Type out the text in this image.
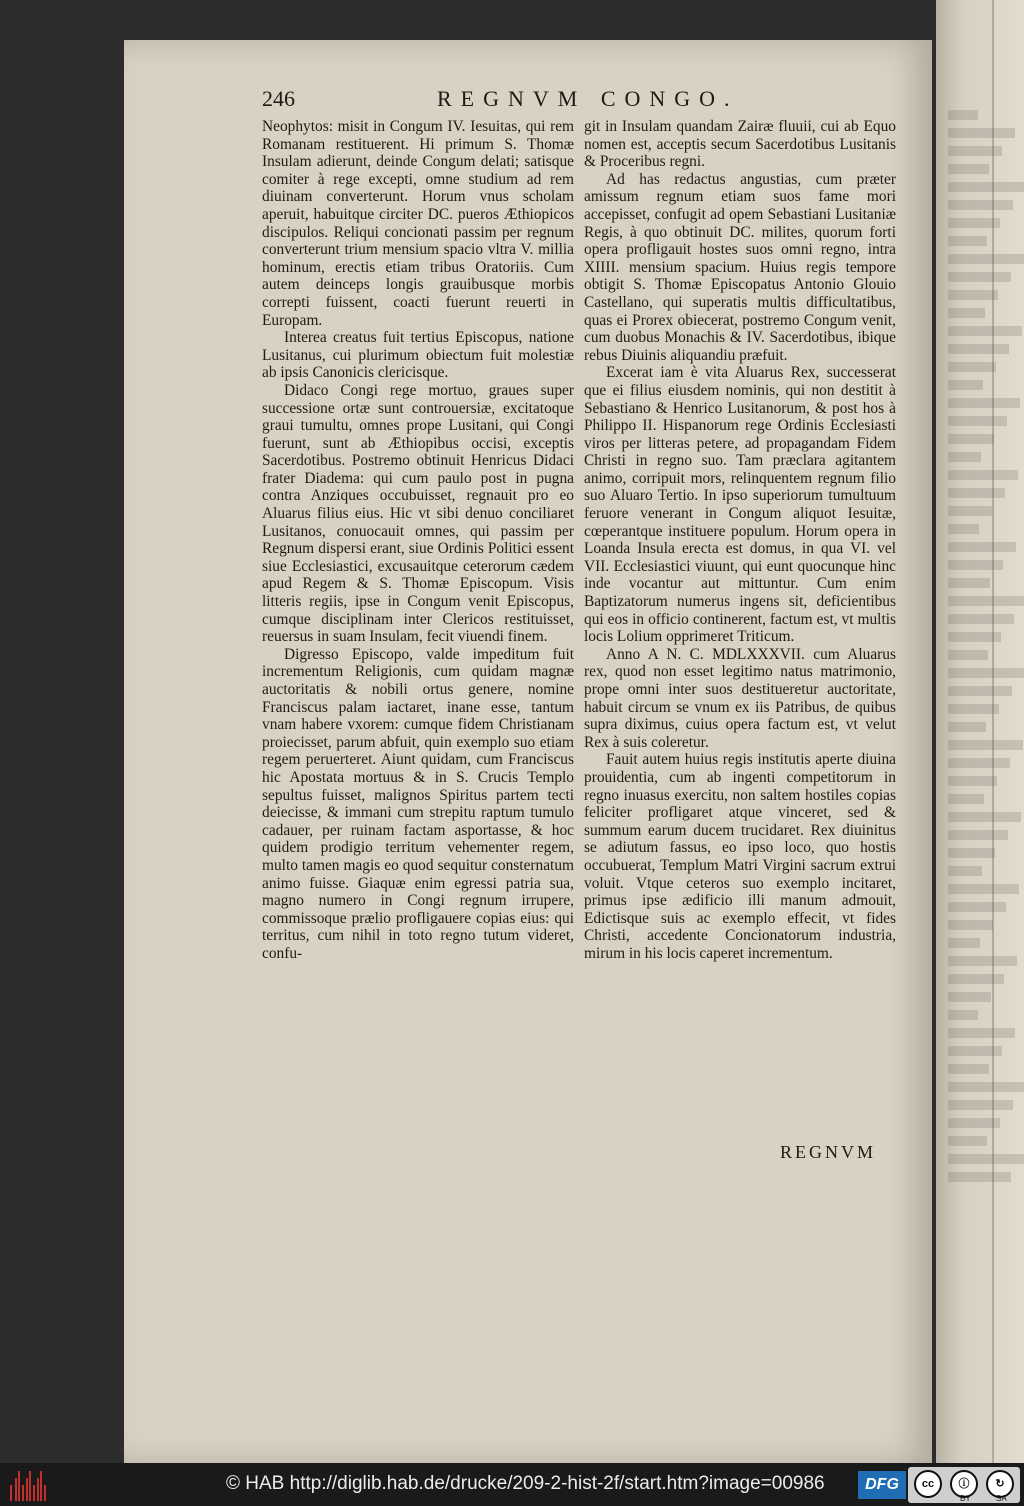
246	REGNVM CONGO.

Neophytos: misit in Congum IV. Iesuitas, qui rem Romanam restituerent. Hi primum S. Thomæ Insulam adierunt, deinde Congum delati; satisque comiter à rege excepti, omne studium ad rem diuinam converterunt. Horum vnus scholam aperuit, habuitque circiter DC. pueros Æthiopicos discipulos. Reliqui concionati passim per regnum converterunt trium mensium spacio vltra V. millia hominum, erectis etiam tribus Oratoriis. Cum autem deinceps longis grauibusque morbis correpti fuissent, coacti fuerunt reuerti in Europam.

Interea creatus fuit tertius Episcopus, natione Lusitanus, cui plurimum obiectum fuit molestiæ ab ipsis Canonicis clericisque.

Didaco Congi rege mortuo, graues super successione ortæ sunt controuersiæ, excitatoque graui tumultu, omnes prope Lusitani, qui Congi fuerunt, sunt ab Æthiopibus occisi, exceptis Sacerdotibus. Postremo obtinuit Henricus Didaci frater Diadema: qui cum paulo post in pugna contra Anziques occubuisset, regnauit pro eo Aluarus filius eius. Hic vt sibi denuo conciliaret Lusitanos, conuocauit omnes, qui passim per Regnum dispersi erant, siue Ordinis Politici essent siue Ecclesiastici, excusauitque ceterorum cædem apud Regem & S. Thomæ Episcopum. Visis litteris regiis, ipse in Congum venit Episcopus, cumque disciplinam inter Clericos restituisset, reuersus in suam Insulam, fecit viuendi finem.

Digresso Episcopo, valde impeditum fuit incrementum Religionis, cum quidam magnæ auctoritatis & nobili ortus genere, nomine Franciscus palam iactaret, inane esse, tantum vnam habere vxorem: cumque fidem Christianam proiecisset, parum abfuit, quin exemplo suo etiam regem peruerteret. Aiunt quidam, cum Franciscus hic Apostata mortuus & in S. Crucis Templo sepultus fuisset, malignos Spiritus partem tecti deiecisse, & immani cum strepitu raptum tumulo cadauer, per ruinam factam asportasse, & hoc quidem prodigio territum vehementer regem, multo tamen magis eo quod sequitur consternatum animo fuisse. Giaquæ enim egressi patria sua, magno numero in Congi regnum irrupere, commissoque prælio profligauere copias eius: qui territus, cum nihil in toto regno tutum videret, confu-

git in Insulam quandam Zairæ fluuii, cui ab Equo nomen est, acceptis secum Sacerdotibus Lusitanis & Proceribus regni.

Ad has redactus angustias, cum præter amissum regnum etiam suos fame mori accepisset, confugit ad opem Sebastiani Lusitaniæ Regis, à quo obtinuit DC. milites, quorum forti opera profligauit hostes suos omni regno, intra XIIII. mensium spacium. Huius regis tempore obtigit S. Thomæ Episcopatus Antonio Glouio Castellano, qui superatis multis difficultatibus, quas ei Prorex obiecerat, postremo Congum venit, cum duobus Monachis & IV. Sacerdotibus, ibique rebus Diuinis aliquandiu præfuit.

Excerat iam è vita Aluarus Rex, successerat que ei filius eiusdem nominis, qui non destitit à Sebastiano & Henrico Lusitanorum, & post hos à Philippo II. Hispanorum rege Ordinis Ecclesiasti viros per litteras petere, ad propagandam Fidem Christi in regno suo. Tam præclara agitantem animo, corripuit mors, relinquentem regnum filio suo Aluaro Tertio. In ipso superiorum tumultuum feruore venerant in Congum aliquot Iesuitæ, cœperantque instituere populum. Horum opera in Loanda Insula erecta est domus, in qua VI. vel VII. Ecclesiastici viuunt, qui eunt quocunque hinc inde vocantur aut mittuntur. Cum enim Baptizatorum numerus ingens sit, deficientibus qui eos in officio continerent, factum est, vt multis locis Lolium opprimeret Triticum.

Anno A N. C. MDLXXXVII. cum Aluarus rex, quod non esset legitimo natus matrimonio, prope omni inter suos destitueretur auctoritate, habuit circum se vnum ex iis Patribus, de quibus supra diximus, cuius opera factum est, vt velut Rex à suis coleretur.

Fauit autem huius regis institutis aperte diuina prouidentia, cum ab ingenti competitorum in regno inuasus exercitu, non saltem hostiles copias feliciter profligaret atque vinceret, sed & summum earum ducem trucidaret. Rex diuinitus se adiutum fassus, eo ipso loco, quo hostis occubuerat, Templum Matri Virgini sacrum extrui voluit. Vtque ceteros suo exemplo incitaret, primus ipse ædificio illi manum admouit, Edictisque suis ac exemplo effecit, vt fides Christi, accedente Concionatorum industria, mirum in his locis caperet incrementum.

REGNVM
© HAB http://diglib.hab.de/drucke/209-2-hist-2f/start.htm?image=00986	DFG	cc	ⓘ	↻
BY	SA
